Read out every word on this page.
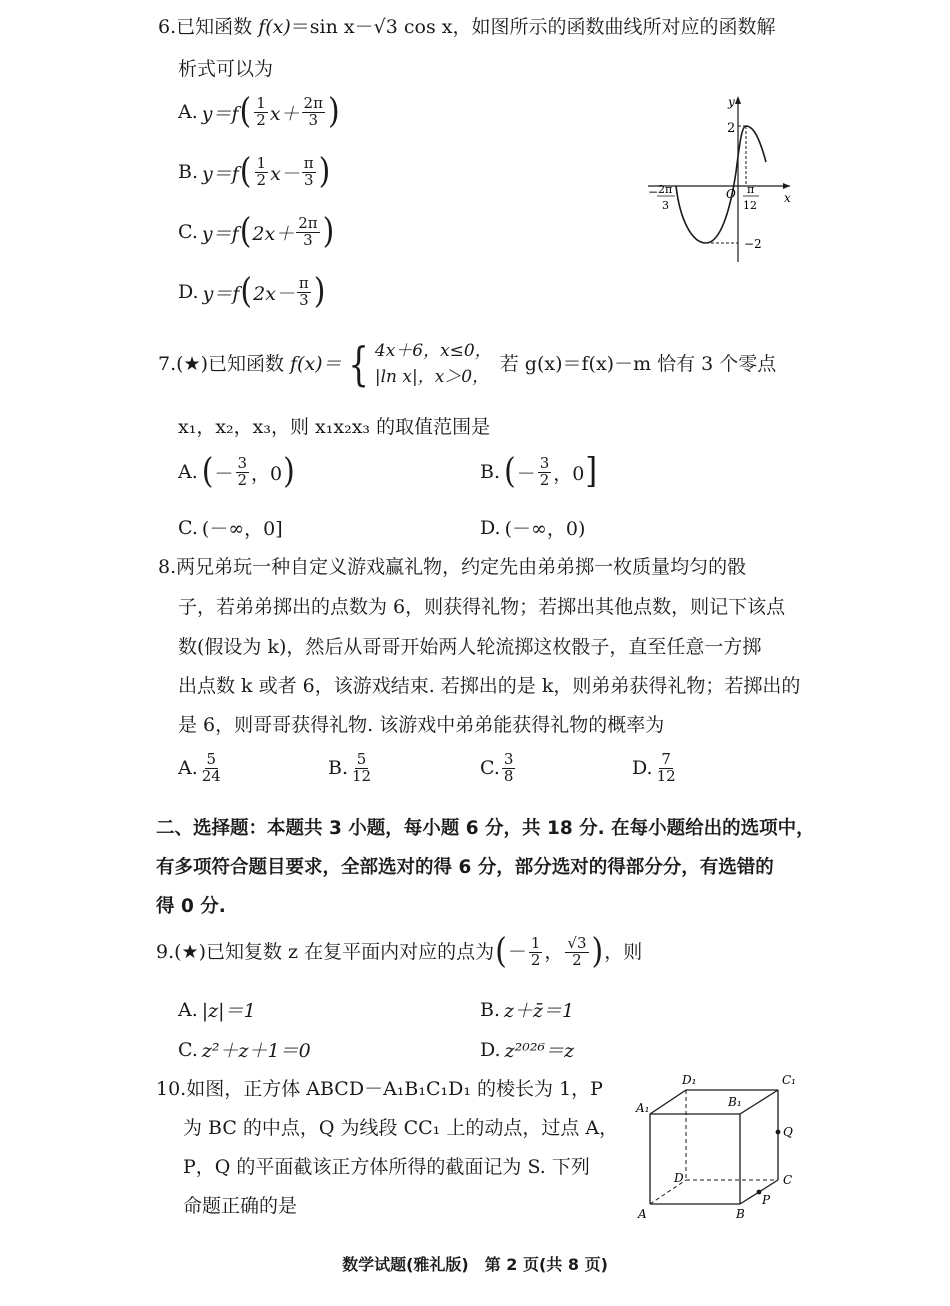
6.已知函数 f(x)＝sin x－√3 cos x，如图所示的函数曲线所对应的函数解
析式可以为
A. y＝f ( $\frac{1}{2} x+ \frac{2\pi}{3}$ )
B. y＝f ( $\frac{1}{2} x- \frac{\pi}{3}$ )
C. y＝f ( $2x+ \frac{2\pi}{3}$ )
D. y＝f ( $2x- \frac{\pi}{3}$ )
y
x
O
2
−2
− 2π
3
π
12
7. (★) 已知函数 f(x)＝ { 4x＋6，x≤0，
|ln x|，x＞0，
若 g(x)＝f(x)－m 恰有 3 个零点
x₁，x₂，x₃，则 x₁x₂x₃ 的取值范围是
A. ( － $\frac{3}{2}$ ，0 )	B. ( － $\frac{3}{2}$ ，0 ]
C. (－∞，0]	D. (－∞，0)
8.两兄弟玩一种自定义游戏赢礼物，约定先由弟弟掷一枚质量均匀的骰
子，若弟弟掷出的点数为 6，则获得礼物；若掷出其他点数，则记下该点
数(假设为 k)，然后从哥哥开始两人轮流掷这枚骰子，直至任意一方掷
出点数 k 或者 6，该游戏结束. 若掷出的是 k，则弟弟获得礼物；若掷出的
是 6，则哥哥获得礼物. 该游戏中弟弟能获得礼物的概率为
A. $\frac{5}{24}$	B. $\frac{5}{12}$	C. $\frac{3}{8}$	D. $\frac{7}{12}$
二、选择题：本题共 3 小题，每小题 6 分，共 18 分. 在每小题给出的选项中，
有多项符合题目要求，全部选对的得 6 分，部分选对的得部分分，有选错的
得 0 分.
9. (★) 已知复数 z 在复平面内对应的点为 ( － $\frac{1}{2}$ ， $\frac{√3}{2}$ ) ，则
A. |z|＝1	B. z＋z̄＝1
C. z²＋z＋1＝0	D. z²⁰²⁶＝z
10.如图，正方体 ABCD－A₁B₁C₁D₁ 的棱长为 1，P
为 BC 的中点，Q 为线段 CC₁ 上的动点，过点 A，
P，Q 的平面截该正方体所得的截面记为 S. 下列
命题正确的是
A₁
D₁
B₁
C₁
Q
C
D
P
A	B
数学试题(雅礼版)　第 2 页(共 8 页)
